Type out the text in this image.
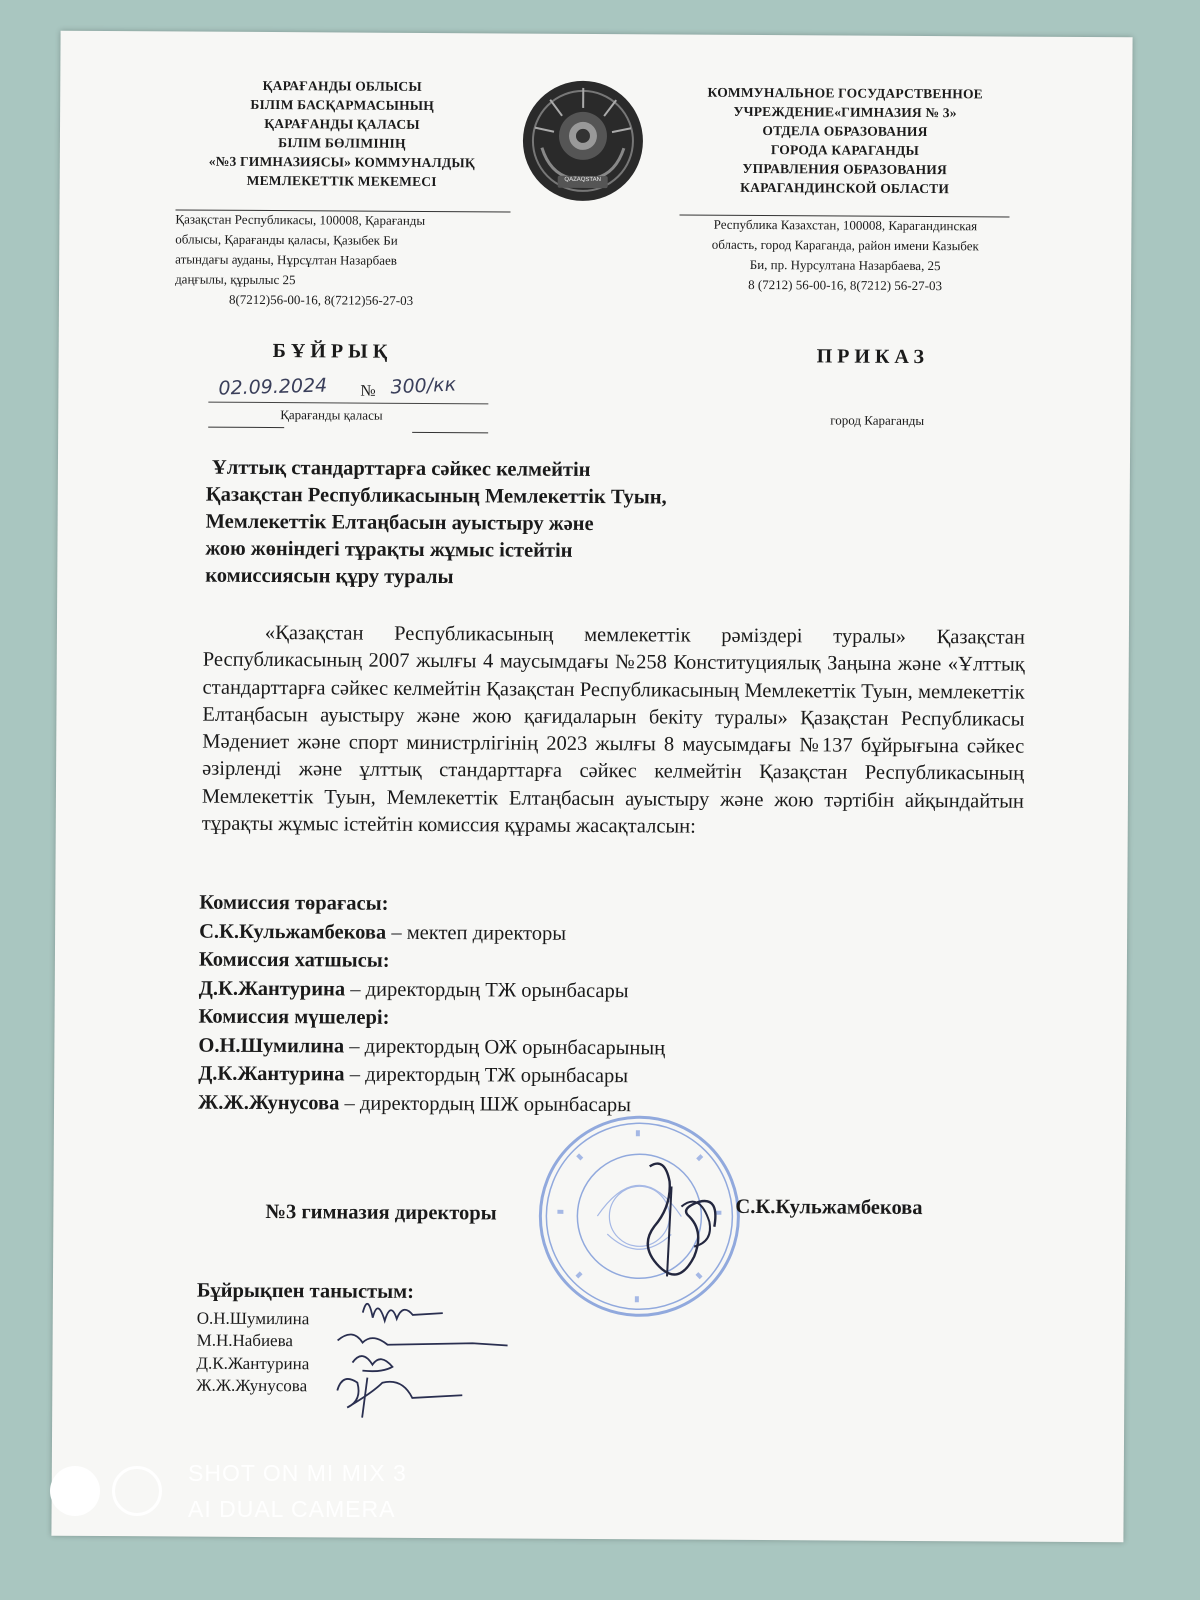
ҚАРАҒАНДЫ ОБЛЫСЫ
БІЛІМ БАСҚАРМАСЫНЫҢ
ҚАРАҒАНДЫ ҚАЛАСЫ
БІЛІМ БӨЛІМІНІҢ
«№3 ГИМНАЗИЯСЫ» КОММУНАЛДЫҚ
МЕМЛЕКЕТТІК МЕКЕМЕСІ	QAZAQSTAN
КОММУНАЛЬНОЕ ГОСУДАРСТВЕННОЕ
УЧРЕЖДЕНИЕ«ГИМНАЗИЯ № 3»
ОТДЕЛА ОБРАЗОВАНИЯ
ГОРОДА КАРАГАНДЫ
УПРАВЛЕНИЯ ОБРАЗОВАНИЯ
КАРАГАНДИНСКОЙ ОБЛАСТИ
Қазақстан Республикасы, 100008, Қарағанды
облысы, Қарағанды қаласы, Қазыбек Би
атындағы ауданы, Нұрсұлтан Назарбаев
даңғылы, құрылыс 25
8(7212)56-00-16, 8(7212)56-27-03
Республика Казахстан, 100008, Карагандинская
область, город Караганда, район имени Казыбек
Би, пр. Нурсултана Назарбаева, 25
8 (7212) 56-00-16, 8(7212) 56-27-03
БҰЙРЫҚ	ПРИКАЗ
02.09.2024 № 300/кк
Қарағанды қаласы	город Караганды
Ұлттық стандарттарға сәйкес келмейтін
Қазақстан Республикасының Мемлекеттік Туын,
Мемлекеттік Елтаңбасын ауыстыру және
жою жөніндегі тұрақты жұмыс істейтін
комиссиясын құру туралы
«Қазақстан Республикасының мемлекеттік рәміздері туралы» Қазақстан Республикасының 2007 жылғы 4 маусымдағы №258 Конституциялық Заңына және «Ұлттық стандарттарға сәйкес келмейтін Қазақстан Республикасының Мемлекеттік Туын, мемлекеттік Елтаңбасын ауыстыру және жою қағидаларын бекіту туралы» Қазақстан Республикасы Мәдениет және спорт министрлігінің 2023 жылғы 8 маусымдағы №137 бұйрығына сәйкес әзірленді және ұлттық стандарттарға сәйкес келмейтін Қазақстан Республикасының Мемлекеттік Туын, Мемлекеттік Елтаңбасын ауыстыру және жою тәртібін айқындайтын тұрақты жұмыс істейтін комиссия құрамы жасақталсын:
Комиссия төрағасы:
С.К.Кульжамбекова – мектеп директоры
Комиссия хатшысы:
Д.К.Жантурина – директордың ТЖ орынбасары
Комиссия мүшелері:
О.Н.Шумилина – директордың ОЖ орынбасарының
Д.К.Жантурина – директордың ТЖ орынбасары
Ж.Ж.Жунусова – директордың ШЖ орынбасары
№3 гимназия директоры	С.К.Кульжамбекова
Бұйрықпен таныстым:
О.Н.Шумилина
М.Н.Набиева
Д.К.Жантурина
Ж.Ж.Жунусова
SHOT ON MI MIX 3
AI DUAL CAMERA
